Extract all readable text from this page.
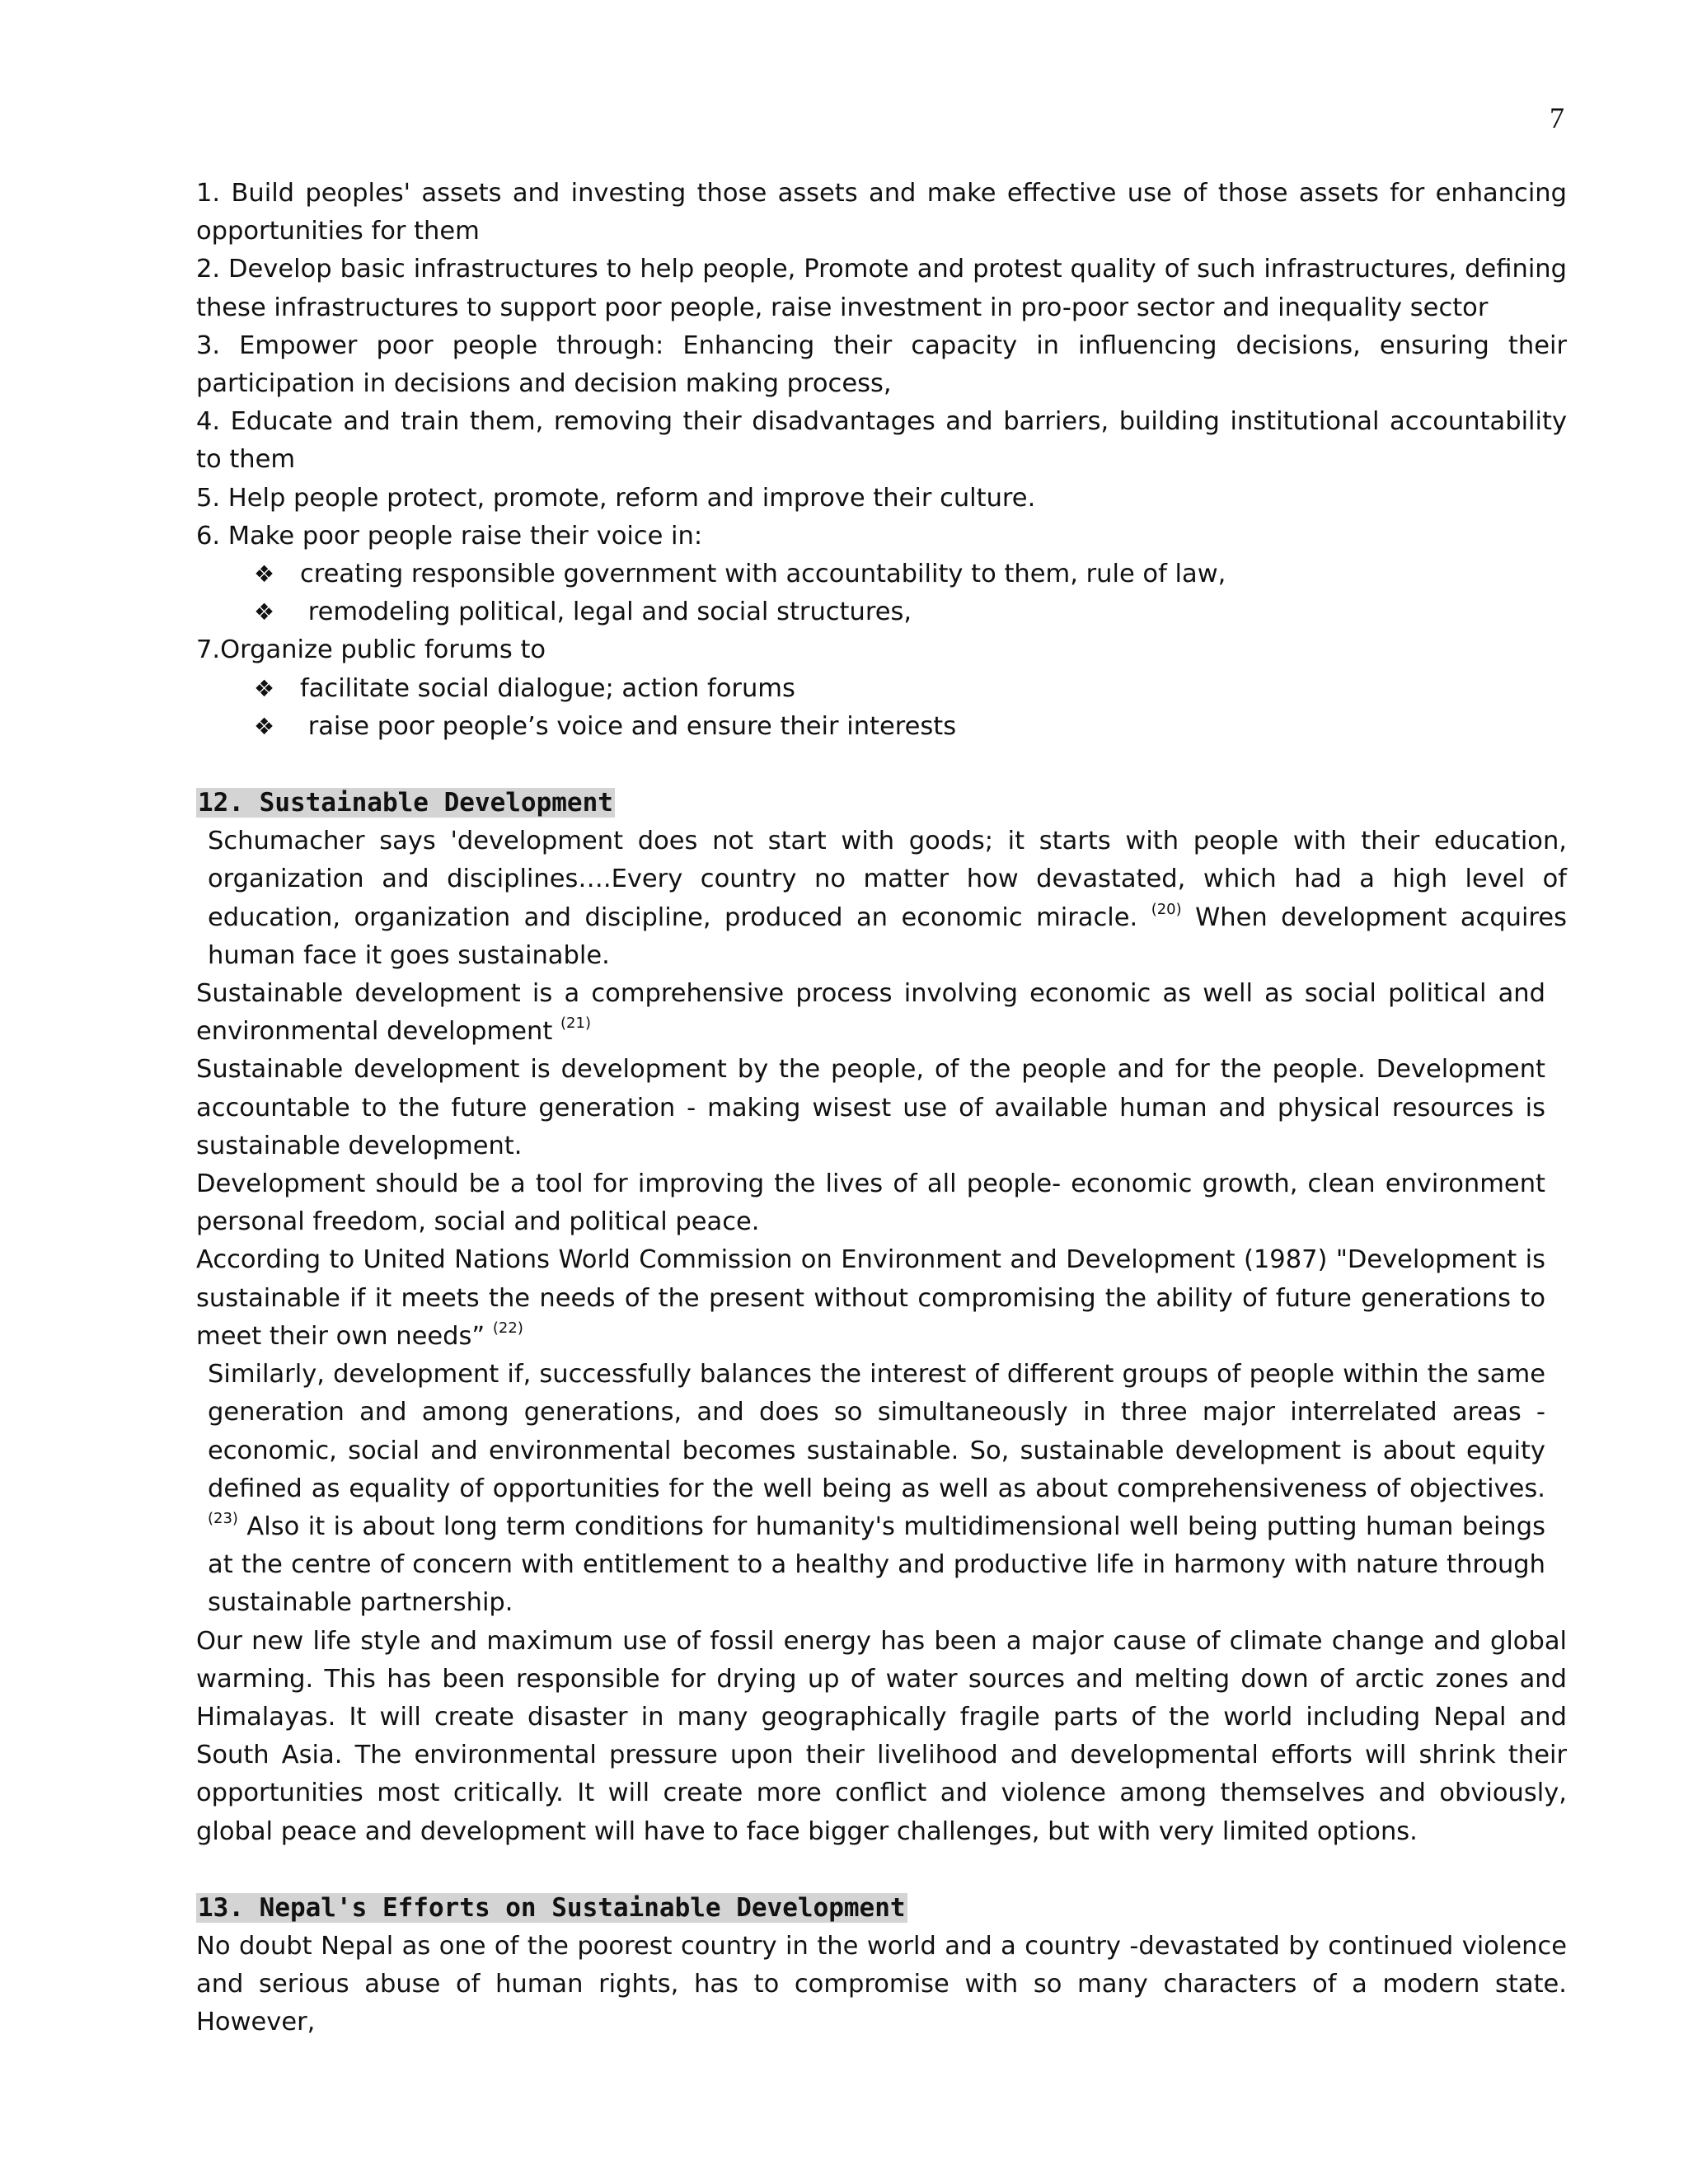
7

1. Build peoples' assets and investing those assets and make effective use of those assets for enhancing opportunities for them

2. Develop basic infrastructures to help people, Promote and protest quality of such infrastructures, defining these infrastructures to support poor people, raise investment in pro-poor sector and inequality sector

3. Empower poor people through: Enhancing their capacity in influencing decisions, ensuring their participation in decisions and decision making process,

4. Educate and train them, removing their disadvantages and barriers, building institutional accountability to them

5. Help people protect, promote, reform and improve their culture.

6. Make poor people raise their voice in:

❖	creating responsible government with accountability to them, rule of law,
❖	remodeling political, legal and social structures,

7.Organize public forums to

❖	facilitate social dialogue; action forums
❖	raise poor people’s voice and ensure their interests

12. Sustainable Development

Schumacher says 'development does not start with goods; it starts with people with their education, organization and disciplines….Every country no matter how devastated, which had a high level of education, organization and discipline, produced an economic miracle. $^{(20)}$ When development acquires human face it goes sustainable.

Sustainable development is a comprehensive process involving economic as well as social political and environmental development $^{(21)}$

Sustainable development is development by the people, of the people and for the people. Development accountable to the future generation - making wisest use of available human and physical resources is sustainable development.

Development should be a tool for improving the lives of all people- economic growth, clean environment personal freedom, social and political peace.

According to United Nations World Commission on Environment and Development (1987) "Development is sustainable if it meets the needs of the present without compromising the ability of future generations to meet their own needs” $^{(22)}$

Similarly, development if, successfully balances the interest of different groups of people within the same generation and among generations, and does so simultaneously in three major interrelated areas - economic, social and environmental becomes sustainable. So, sustainable development is about equity defined as equality of opportunities for the well being as well as about comprehensiveness of objectives. $^{(23)}$ Also it is about long term conditions for humanity's multidimensional well being putting human beings at the centre of concern with entitlement to a healthy and productive life in harmony with nature through sustainable partnership.

Our new life style and maximum use of fossil energy has been a major cause of climate change and global warming. This has been responsible for drying up of water sources and melting down of arctic zones and Himalayas. It will create disaster in many geographically fragile parts of the world including Nepal and South Asia. The environmental pressure upon their livelihood and developmental efforts will shrink their opportunities most critically. It will create more conflict and violence among themselves and obviously, global peace and development will have to face bigger challenges, but with very limited options.

13. Nepal's Efforts on Sustainable Development

No doubt Nepal as one of the poorest country in the world and a country -devastated by continued violence and serious abuse of human rights, has to compromise with so many characters of a modern state. However,
